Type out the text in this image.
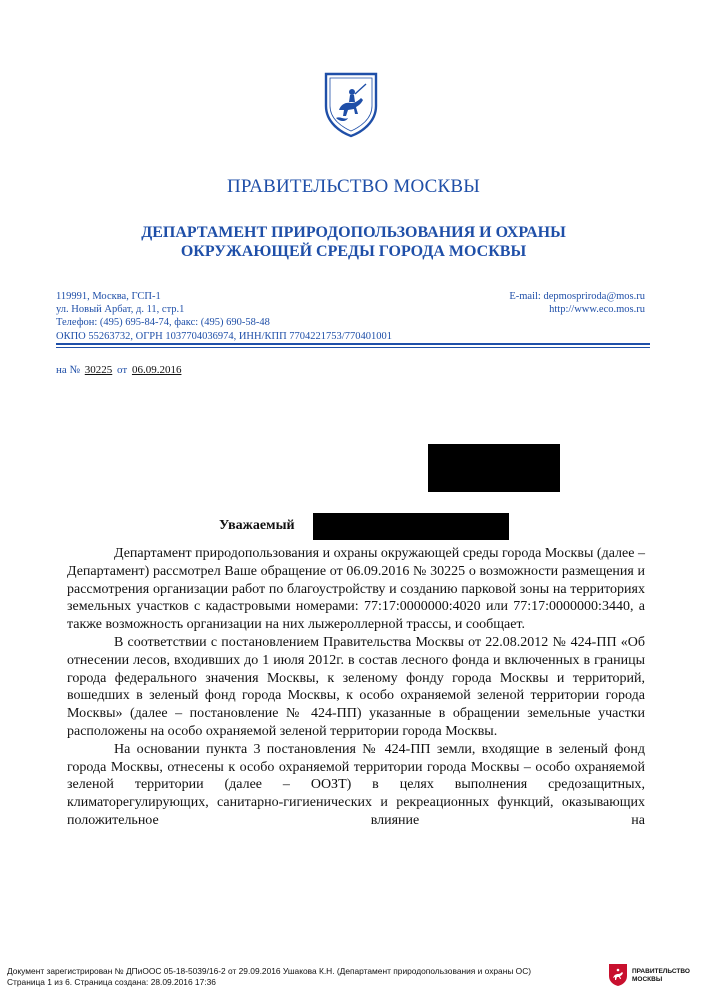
ПРАВИТЕЛЬСТВО МОСКВЫ
ДЕПАРТАМЕНТ ПРИРОДОПОЛЬЗОВАНИЯ И ОХРАНЫ
ОКРУЖАЮЩЕЙ СРЕДЫ ГОРОДА МОСКВЫ
119991, Москва, ГСП-1
ул. Новый Арбат, д. 11, стр.1
Телефон: (495) 695-84-74, факс: (495) 690-58-48
ОКПО 55263732, ОГРН 1037704036974, ИНН/КПП 7704221753/770401001
E-mail: depmospriroda@mos.ru
http://www.eco.mos.ru
на № 30225 от 06.09.2016
Уважаемый

Департамент природопользования и охраны окружающей среды города Москвы (далее – Департамент) рассмотрел Ваше обращение от 06.09.2016 № 30225 о возможности размещения и рассмотрения организации работ по благоустройству и созданию парковой зоны на территориях земельных участков с кадастровыми номерами: 77:17:0000000:4020 или 77:17:0000000:3440, а также возможность организации на них лыжероллерной трассы, и сообщает.

В соответствии с постановлением Правительства Москвы от 22.08.2012 № 424-ПП «Об отнесении лесов, входивших до 1 июля 2012г. в состав лесного фонда и включенных в границы города федерального значения Москвы, к зеленому фонду города Москвы и территорий, вошедших в зеленый фонд города Москвы, к особо охраняемой зеленой территории города Москвы» (далее – постановление № 424-ПП) указанные в обращении земельные участки расположены на особо охраняемой зеленой территории города Москвы.

На основании пункта 3 постановления № 424-ПП земли, входящие в зеленый фонд города Москвы, отнесены к особо охраняемой территории города Москвы – особо охраняемой зеленой территории (далее – ООЗТ) в целях выполнения средозащитных, климаторегулирующих, санитарно-гигиенических и рекреационных функций, оказывающих положительное влияние на

Документ зарегистрирован № ДПиООС 05-18-5039/16-2 от 29.09.2016 Ушакова К.Н. (Департамент природопользования и охраны ОС)
Страница 1 из 6. Страница создана: 28.09.2016 17:36
ПРАВИТЕЛЬСТВО
МОСКВЫ
